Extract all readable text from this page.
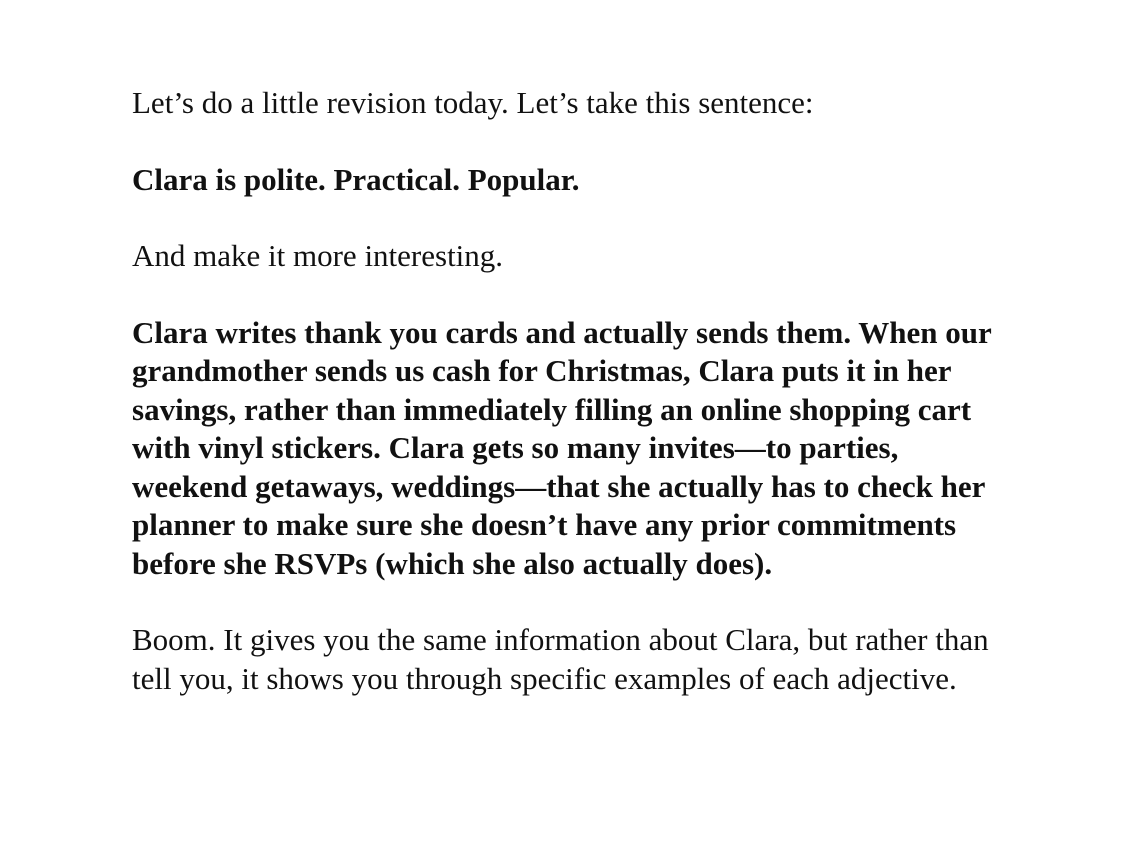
Let’s do a little revision today. Let’s take this sentence:

Clara is polite. Practical. Popular.

And make it more interesting.

Clara writes thank you cards and actually sends them. When our grandmother sends us cash for Christmas, Clara puts it in her savings, rather than immediately filling an online shopping cart with vinyl stickers. Clara gets so many invites—to parties, weekend getaways, weddings—that she actually has to check her planner to make sure she doesn’t have any prior commitments before she RSVPs (which she also actually does).

Boom. It gives you the same information about Clara, but rather than tell you, it shows you through specific examples of each adjective.
